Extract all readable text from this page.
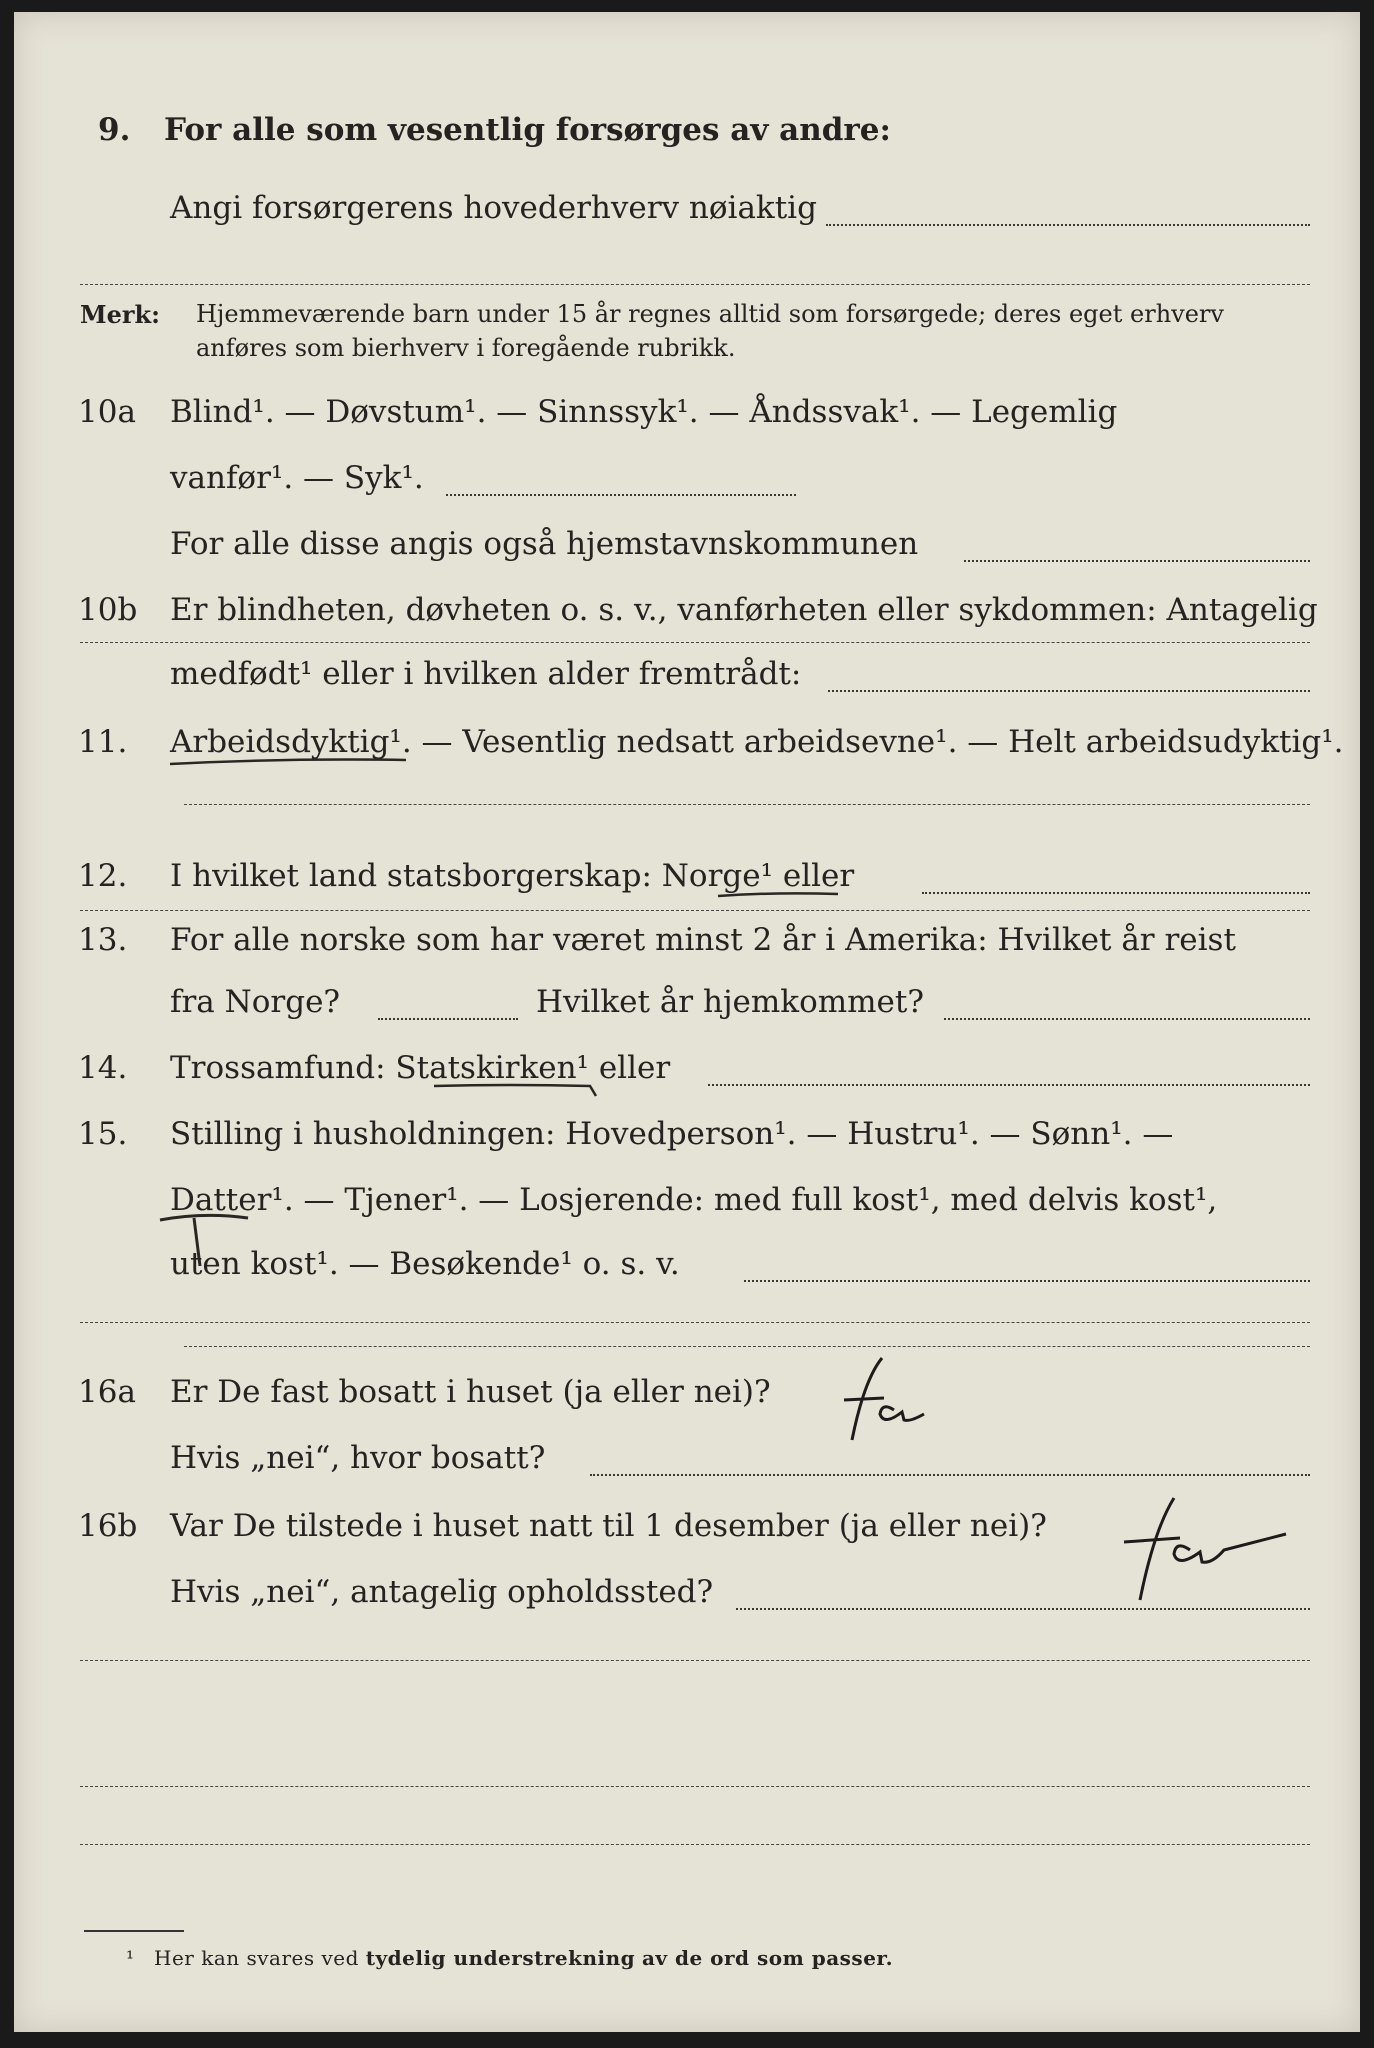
9. For alle som vesentlig forsørges av andre:
Angi forsørgerens hovederhverv nøiaktig
Merk: Hjemmeværende barn under 15 år regnes alltid som forsørgede; deres eget erhverv
anføres som bierhverv i foregående rubrikk.
10a Blind¹. — Døvstum¹. — Sinnssyk¹. — Åndssvak¹. — Legemlig
vanfør¹. — Syk¹.
For alle disse angis også hjemstavnskommunen
10b Er blindheten, døvheten o. s. v., vanførheten eller sykdommen: Antagelig
medfødt¹ eller i hvilken alder fremtrådt:
11. Arbeidsdyktig¹. — Vesentlig nedsatt arbeidsevne¹. — Helt arbeidsudyktig¹.
12. I hvilket land statsborgerskap: Norge¹ eller
13. For alle norske som har været minst 2 år i Amerika: Hvilket år reist
fra Norge?	Hvilket år hjemkommet?
14. Trossamfund: Statskirken¹ eller
15. Stilling i husholdningen: Hovedperson¹. — Hustru¹. — Sønn¹. —
Datter¹. — Tjener¹. — Losjerende: med full kost¹, med delvis kost¹,
uten kost¹. — Besøkende¹ o. s. v.
16a Er De fast bosatt i huset (ja eller nei)?
ja
Hvis „nei“, hvor bosatt?
16b Var De tilstede i huset natt til 1 desember (ja eller nei)?
ja
Hvis „nei“, antagelig opholdssted?
¹ Her kan svares ved tydelig understrekning av de ord som passer.
